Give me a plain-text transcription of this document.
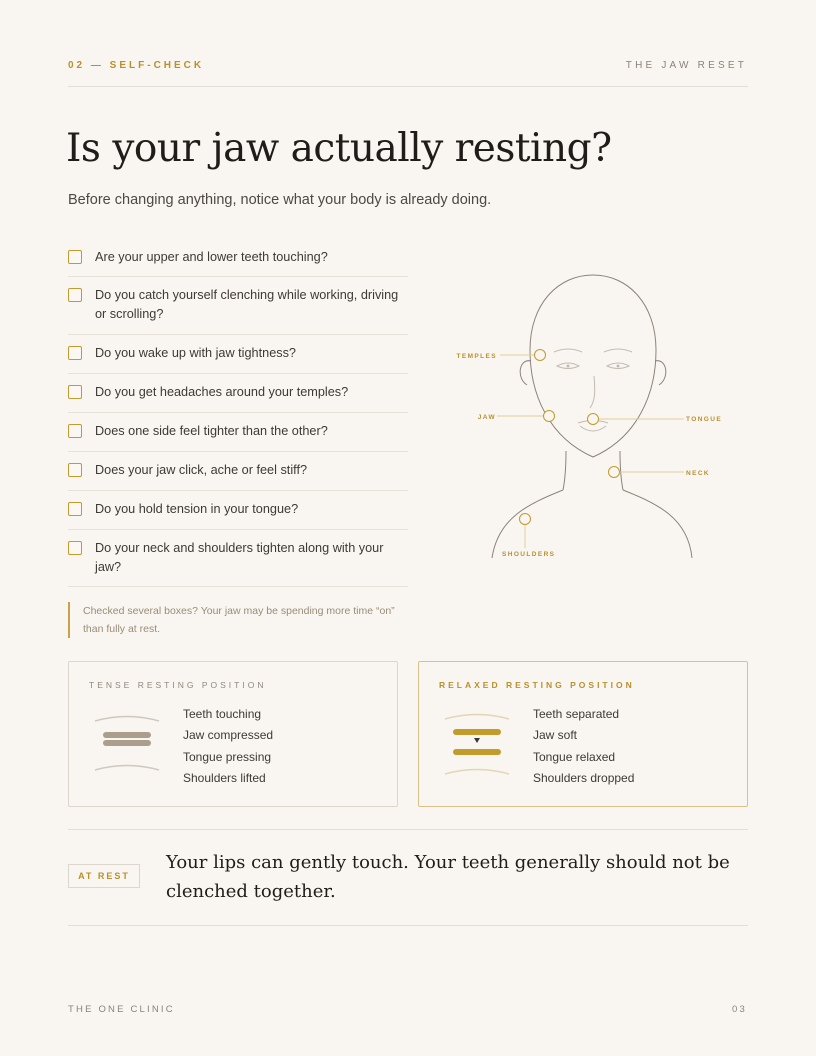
02 — SELF-CHECK	THE JAW RESET
Is your jaw actually resting?
Before changing anything, notice what your body is already doing.
Are your upper and lower teeth touching?
Do you catch yourself clenching while working, driving or scrolling?
Do you wake up with jaw tightness?
Do you get headaches around your temples?
Does one side feel tighter than the other?
Does your jaw click, ache or feel stiff?
Do you hold tension in your tongue?
Do your neck and shoulders tighten along with your jaw?
Checked several boxes? Your jaw may be spending more time “on” than fully at rest.
TEMPLES
JAW	TONGUE
NECK
SHOULDERS
TENSE RESTING POSITION
Teeth touching
Jaw compressed
Tongue pressing
Shoulders lifted
RELAXED RESTING POSITION
Teeth separated
Jaw soft
Tongue relaxed
Shoulders dropped
AT REST
Your lips can gently touch. Your teeth generally should not be clenched together.
THE ONE CLINIC	03
